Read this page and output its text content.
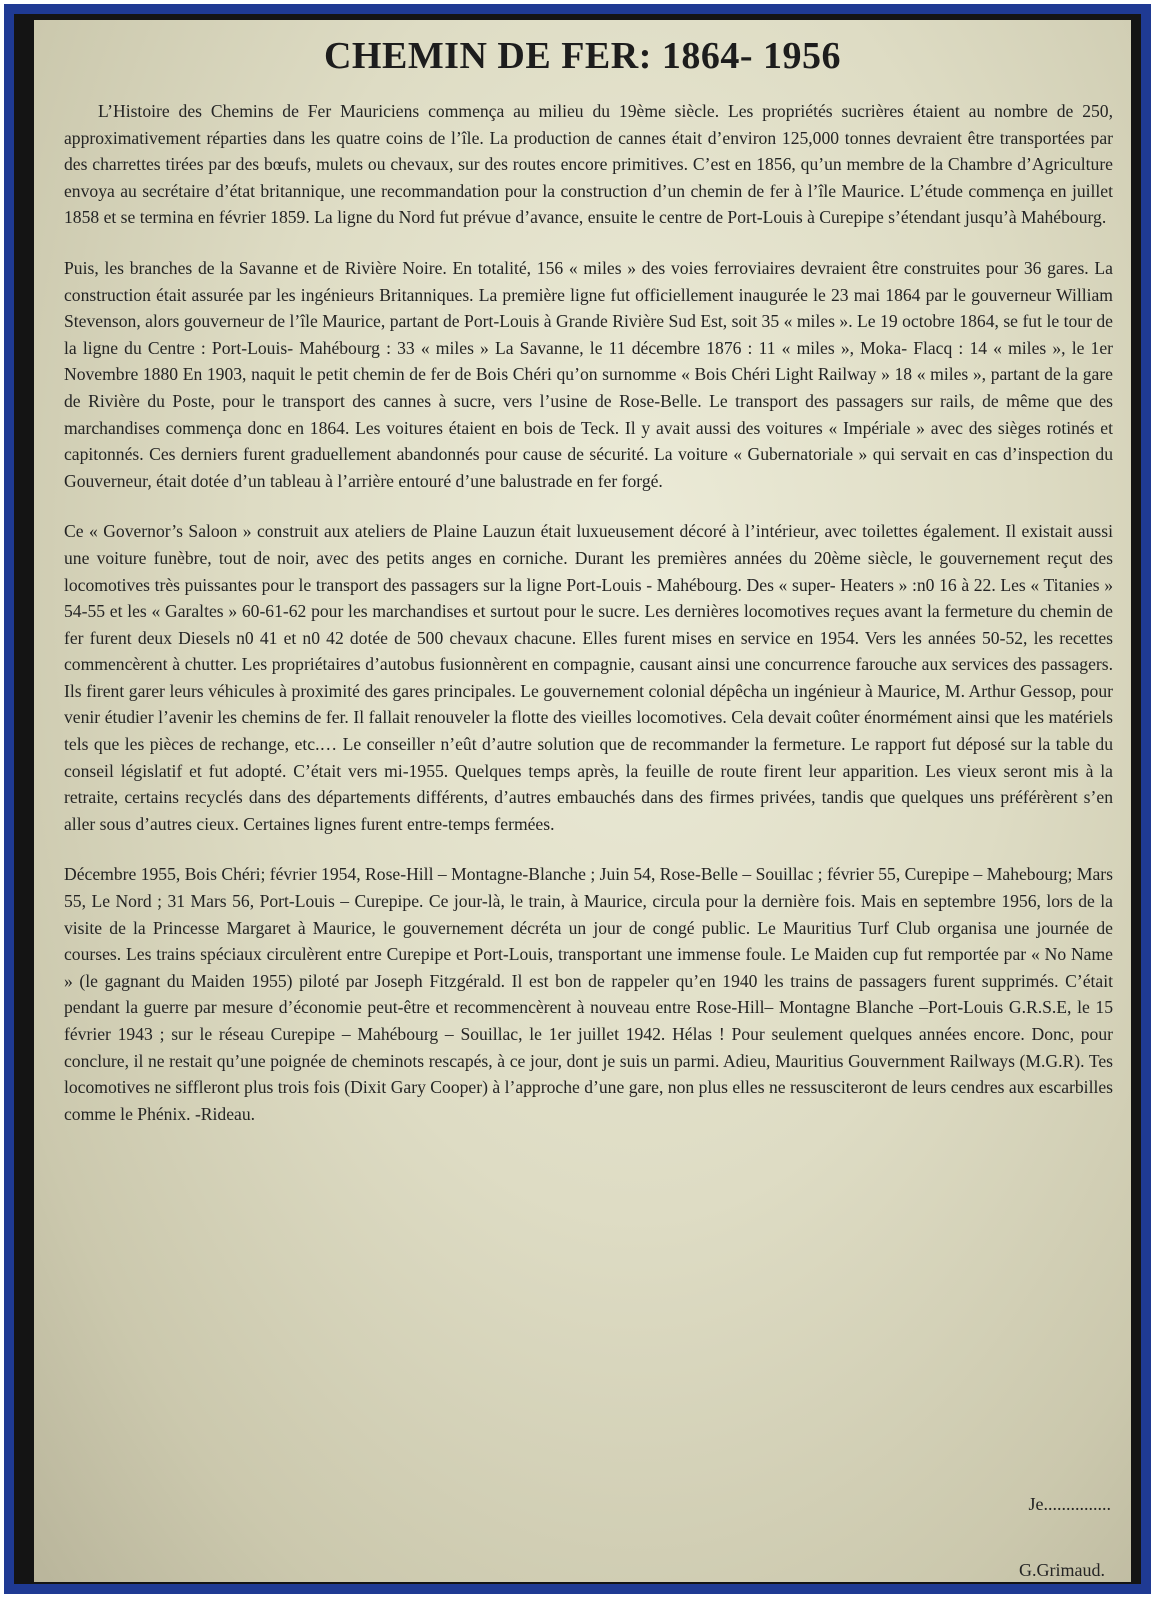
CHEMIN DE FER: 1864- 1956

L’Histoire des Chemins de Fer Mauriciens commença au milieu du 19ème siècle. Les propriétés sucrières étaient au nombre de 250, approximativement réparties dans les quatre coins de l’île. La production de cannes était d’environ 125,000 tonnes devraient être transportées par des charrettes tirées par des bœufs, mulets ou chevaux, sur des routes encore primitives. C’est en 1856, qu’un membre de la Chambre d’Agriculture envoya au secrétaire d’état britannique, une recommandation pour la construction d’un chemin de fer à l’île Maurice. L’étude commença en juillet 1858 et se termina en février 1859. La ligne du Nord fut prévue d’avance, ensuite le centre de Port-Louis à Curepipe s’étendant jusqu’à Mahébourg.

Puis, les branches de la Savanne et de Rivière Noire. En totalité, 156 « miles » des voies ferroviaires devraient être construites pour 36 gares. La construction était assurée par les ingénieurs Britanniques. La première ligne fut officiellement inaugurée le 23 mai 1864 par le gouverneur William Stevenson, alors gouverneur de l’île Maurice, partant de Port-Louis à Grande Rivière Sud Est, soit 35 « miles ». Le 19 octobre 1864, se fut le tour de la ligne du Centre : Port-Louis- Mahébourg : 33 « miles » La Savanne, le 11 décembre 1876 : 11 « miles », Moka- Flacq : 14 « miles », le 1er Novembre 1880 En 1903, naquit le petit chemin de fer de Bois Chéri qu’on surnomme « Bois Chéri Light Railway » 18 « miles », partant de la gare de Rivière du Poste, pour le transport des cannes à sucre, vers l’usine de Rose-Belle. Le transport des passagers sur rails, de même que des marchandises commença donc en 1864. Les voitures étaient en bois de Teck. Il y avait aussi des voitures « Impériale » avec des sièges rotinés et capitonnés. Ces derniers furent graduellement abandonnés pour cause de sécurité. La voiture « Gubernatoriale » qui servait en cas d’inspection du Gouverneur, était dotée d’un tableau à l’arrière entouré d’une balustrade en fer forgé.

Ce « Governor’s Saloon » construit aux ateliers de Plaine Lauzun était luxueusement décoré à l’intérieur, avec toilettes également. Il existait aussi une voiture funèbre, tout de noir, avec des petits anges en corniche. Durant les premières années du 20ème siècle, le gouvernement reçut des locomotives très puissantes pour le transport des passagers sur la ligne Port-Louis - Mahébourg. Des « super- Heaters » :n0 16 à 22. Les « Titanies » 54-55 et les « Garaltes » 60-61-62 pour les marchandises et surtout pour le sucre. Les dernières locomotives reçues avant la fermeture du chemin de fer furent deux Diesels n0 41 et n0 42 dotée de 500 chevaux chacune. Elles furent mises en service en 1954. Vers les années 50-52, les recettes commencèrent à chutter. Les propriétaires d’autobus fusionnèrent en compagnie, causant ainsi une concurrence farouche aux services des passagers. Ils firent garer leurs véhicules à proximité des gares principales. Le gouvernement colonial dépêcha un ingénieur à Maurice, M. Arthur Gessop, pour venir étudier l’avenir les chemins de fer. Il fallait renouveler la flotte des vieilles locomotives. Cela devait coûter énormément ainsi que les matériels tels que les pièces de rechange, etc.… Le conseiller n’eût d’autre solution que de recommander la fermeture. Le rapport fut déposé sur la table du conseil législatif et fut adopté. C’était vers mi-1955. Quelques temps après, la feuille de route firent leur apparition. Les vieux seront mis à la retraite, certains recyclés dans des départements différents, d’autres embauchés dans des firmes privées, tandis que quelques uns préférèrent s’en aller sous d’autres cieux. Certaines lignes furent entre-temps fermées.

Décembre 1955, Bois Chéri; février 1954, Rose-Hill – Montagne-Blanche ; Juin 54, Rose-Belle – Souillac ; février 55, Curepipe – Mahebourg; Mars 55, Le Nord ; 31 Mars 56, Port-Louis – Curepipe. Ce jour-là, le train, à Maurice, circula pour la dernière fois. Mais en septembre 1956, lors de la visite de la Princesse Margaret à Maurice, le gouvernement décréta un jour de congé public. Le Mauritius Turf Club organisa une journée de courses. Les trains spéciaux circulèrent entre Curepipe et Port-Louis, transportant une immense foule. Le Maiden cup fut remportée par « No Name » (le gagnant du Maiden 1955) piloté par Joseph Fitzgérald. Il est bon de rappeler qu’en 1940 les trains de passagers furent supprimés. C’était pendant la guerre par mesure d’économie peut-être et recommencèrent à nouveau entre Rose-Hill– Montagne Blanche –Port-Louis G.R.S.E, le 15 février 1943 ; sur le réseau Curepipe – Mahébourg – Souillac, le 1er juillet 1942. Hélas ! Pour seulement quelques années encore. Donc, pour conclure, il ne restait qu’une poignée de cheminots rescapés, à ce jour, dont je suis un parmi. Adieu, Mauritius Gouvernment Railways (M.G.R). Tes locomotives ne siffleront plus trois fois (Dixit Gary Cooper) à l’approche d’une gare, non plus elles ne ressusciteront de leurs cendres aux escarbilles comme le Phénix. -Rideau.

Je...............
G.Grimaud.
